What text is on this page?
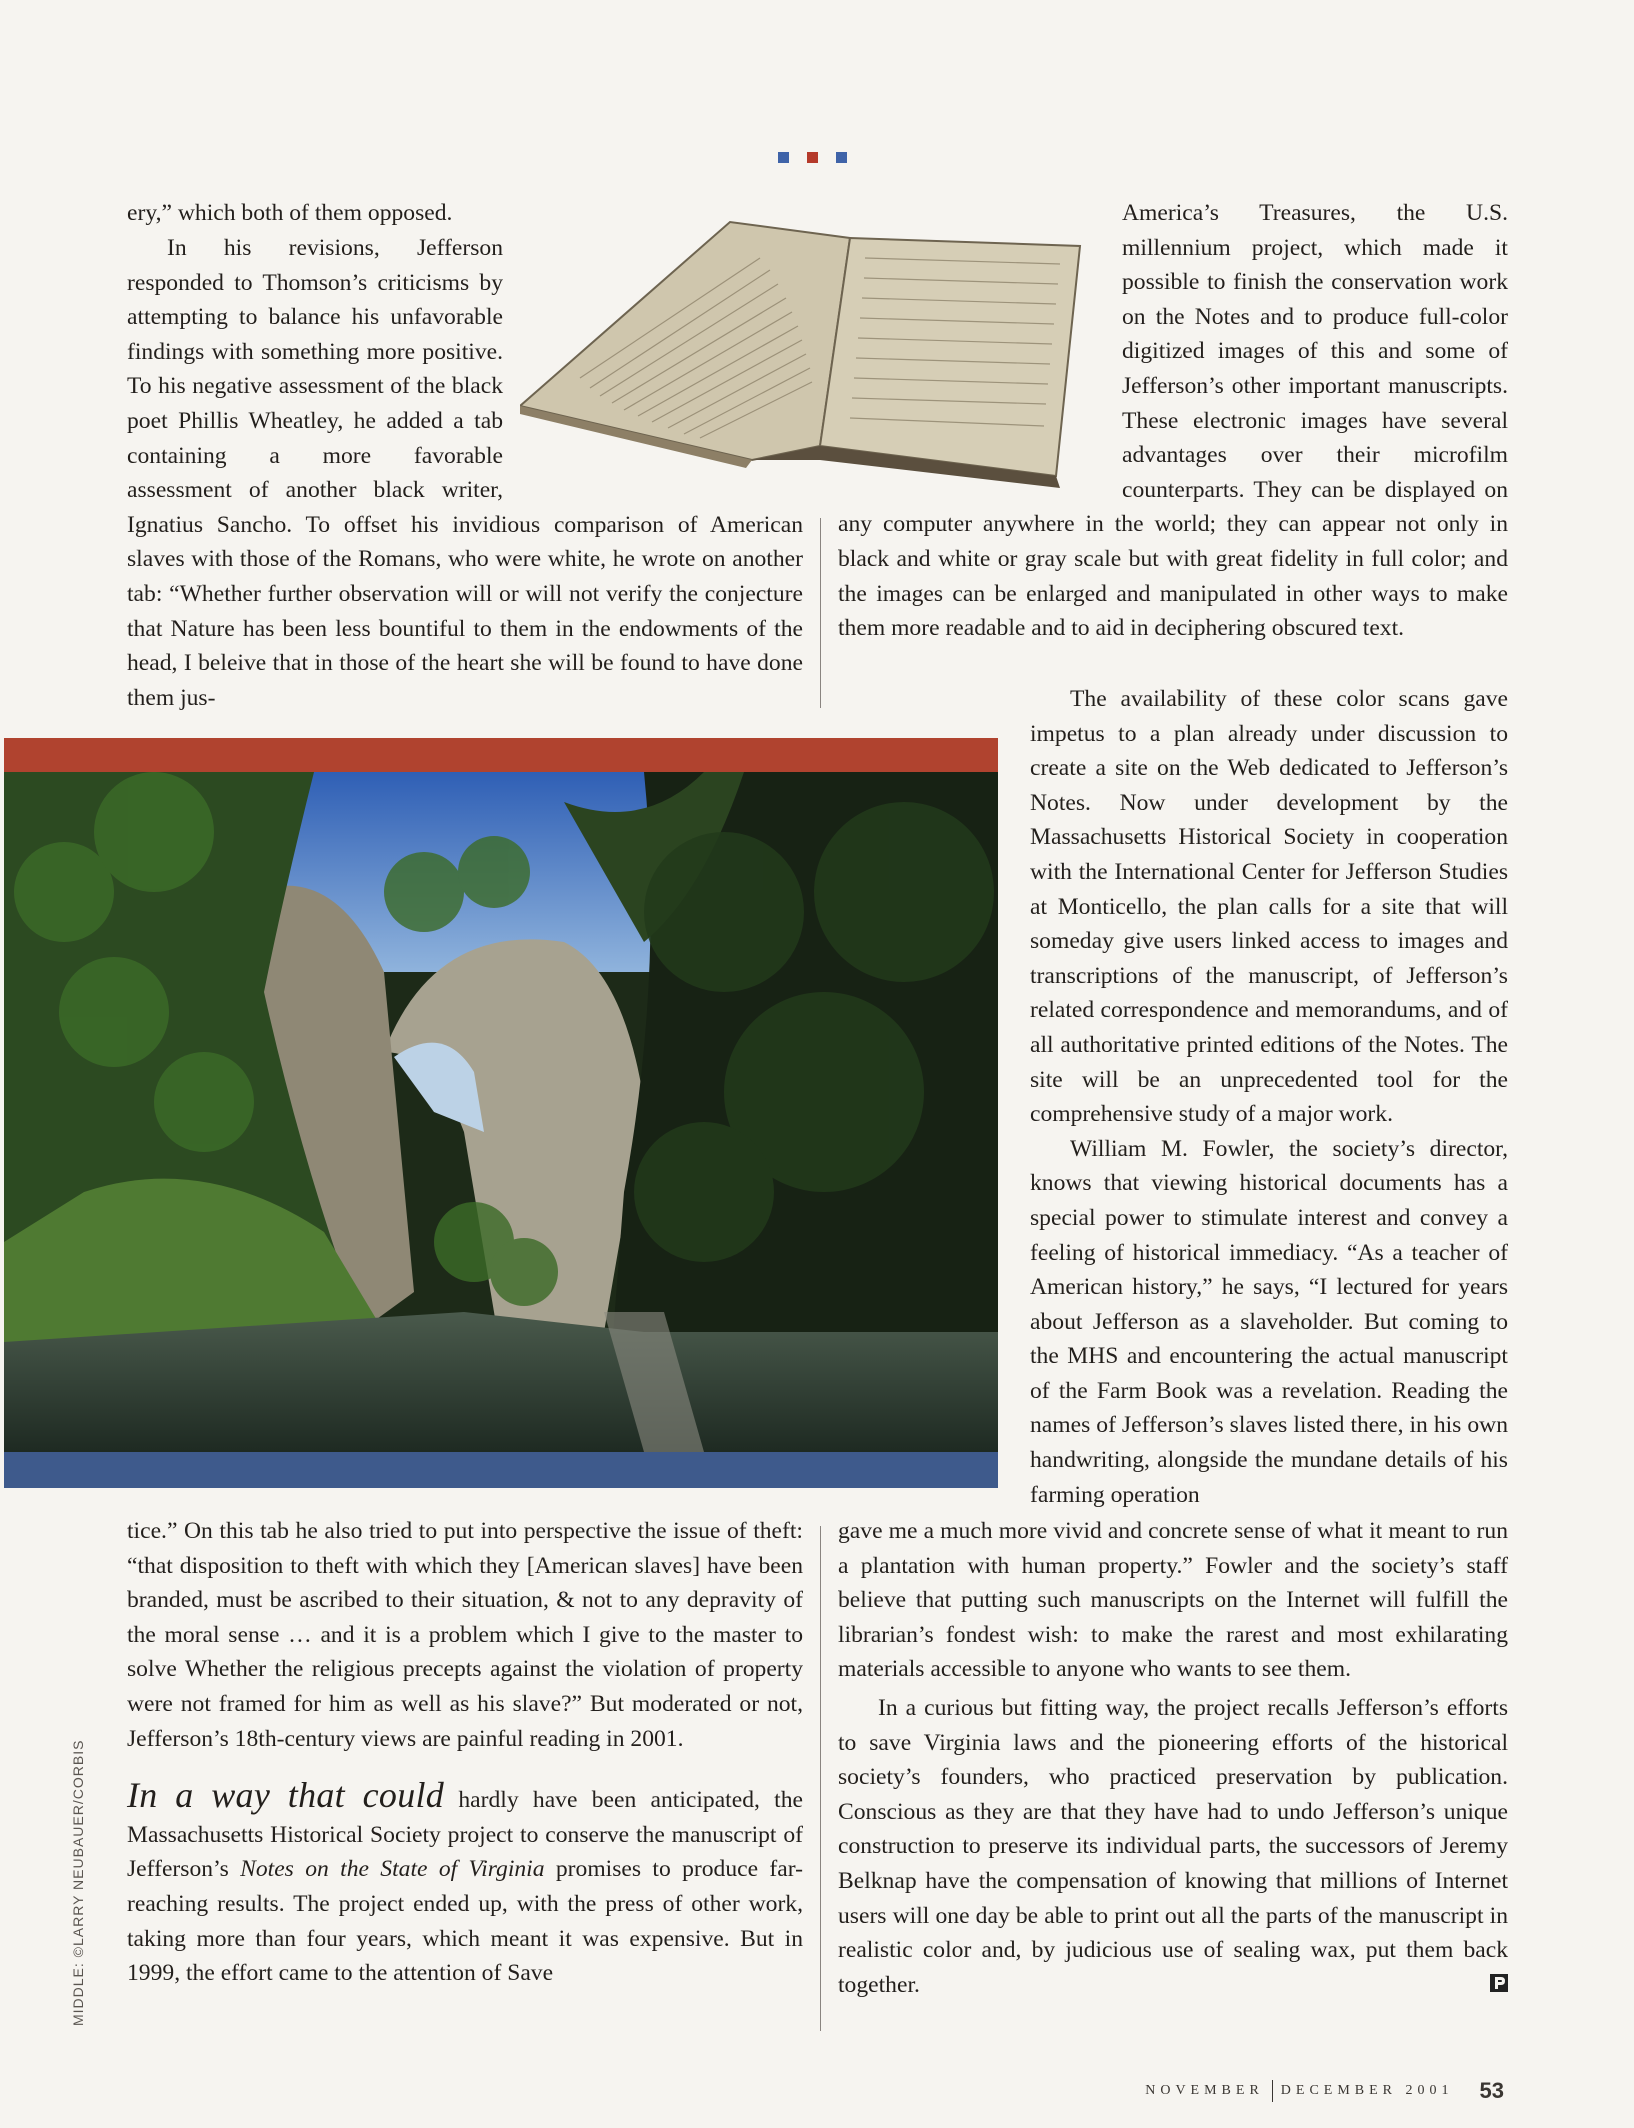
ery,” which both of them opposed.

In his revisions, Jefferson responded to Thomson’s criticisms by attempting to balance his unfavorable findings with something more positive. To his negative assessment of the black poet Phillis Wheatley, he added a tab containing a more favorable assessment of another black writer, Ignatius Sancho. To offset his invidious comparison of American slaves with those of the Romans, who were white, he wrote on another tab: “Whether further observation will or will not verify the conjecture that Nature has been less bountiful to them in the endowments of the head, I beleive that in those of the heart she will be found to have done them jus-

tice.” On this tab he also tried to put into perspective the issue of theft: “that disposition to theft with which they [American slaves] have been branded, must be ascribed to their situation, & not to any depravity of the moral sense … and it is a problem which I give to the master to solve Whether the religious precepts against the violation of property were not framed for him as well as his slave?” But moderated or not, Jefferson’s 18th-century views are painful reading in 2001.

In a way that could hardly have been anticipated, the Massachusetts Historical Society project to conserve the manuscript of Jefferson’s Notes on the State of Virginia promises to produce far-reaching results. The project ended up, with the press of other work, taking more than four years, which meant it was expensive. But in 1999, the effort came to the attention of Save

America’s Treasures, the U.S. millennium project, which made it possible to finish the conservation work on the Notes and to produce full-color digitized images of this and some of Jefferson’s other important manuscripts. These electronic images have several advantages over their microfilm counterparts. They can be displayed on any computer anywhere in the world; they can appear not only in black and white or gray scale but with great fidelity in full color; and the images can be enlarged and manipulated in other ways to make them more readable and to aid in deciphering obscured text.

The availability of these color scans gave impetus to a plan already under discussion to create a site on the Web dedicated to Jefferson’s Notes. Now under development by the Massachusetts Historical Society in cooperation with the International Center for Jefferson Studies at Monticello, the plan calls for a site that will someday give users linked access to images and transcriptions of the manuscript, of Jefferson’s related correspondence and memorandums, and of all authoritative printed editions of the Notes. The site will be an unprecedented tool for the comprehensive study of a major work.

William M. Fowler, the society’s director, knows that viewing historical documents has a special power to stimulate interest and convey a feeling of historical immediacy. “As a teacher of American history,” he says, “I lectured for years about Jefferson as a slaveholder. But coming to the MHS and encountering the actual manuscript of the Farm Book was a revelation. Reading the names of Jefferson’s slaves listed there, in his own handwriting, alongside the mundane details of his farming operation

gave me a much more vivid and concrete sense of what it meant to run a plantation with human property.” Fowler and the society’s staff believe that putting such manuscripts on the Internet will fulfill the librarian’s fondest wish: to make the rarest and most exhilarating materials accessible to anyone who wants to see them.

In a curious but fitting way, the project recalls Jefferson’s efforts to save Virginia laws and the pioneering efforts of the historical society’s founders, who practiced preservation by publication. Conscious as they are that they have had to undo Jefferson’s unique construction to preserve its individual parts, the successors of Jeremy Belknap have the compensation of knowing that millions of Internet users will one day be able to print out all the parts of the manuscript in realistic color and, by judicious use of sealing wax, put them back together.

MIDDLE: ©LARRY NEUBAUER/CORBIS
NOVEMBER DECEMBER 2001 53
